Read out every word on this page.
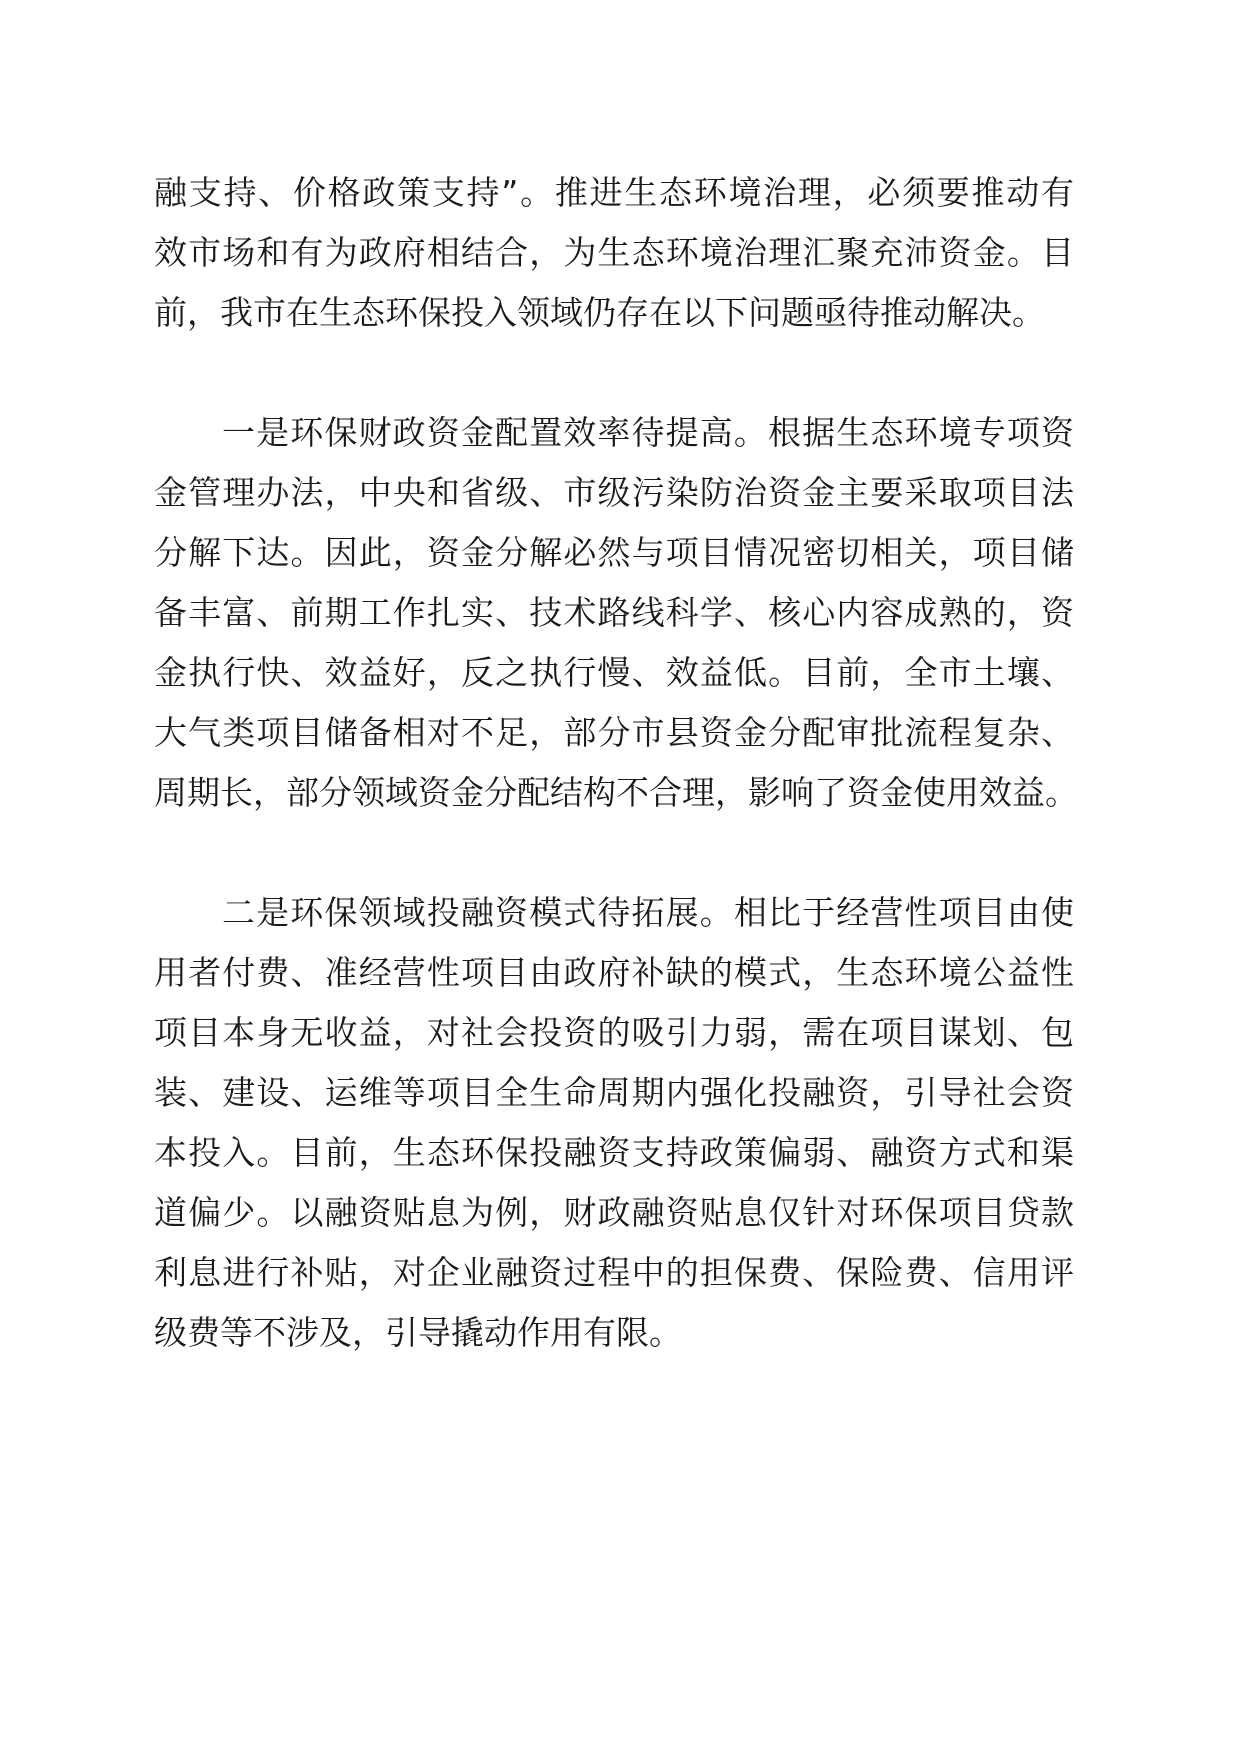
融支持、价格政策支持”。推进生态环境治理，必须要推动有
效市场和有为政府相结合，为生态环境治理汇聚充沛资金。目
前，我市在生态环保投入领域仍存在以下问题亟待推动解决。
一是环保财政资金配置效率待提高。根据生态环境专项资
金管理办法，中央和省级、市级污染防治资金主要采取项目法
分解下达。因此，资金分解必然与项目情况密切相关，项目储
备丰富、前期工作扎实、技术路线科学、核心内容成熟的，资
金执行快、效益好，反之执行慢、效益低。目前，全市土壤、
大气类项目储备相对不足，部分市县资金分配审批流程复杂、
周期长，部分领域资金分配结构不合理，影响了资金使用效益。
二是环保领域投融资模式待拓展。相比于经营性项目由使
用者付费、准经营性项目由政府补缺的模式，生态环境公益性
项目本身无收益，对社会投资的吸引力弱，需在项目谋划、包
装、建设、运维等项目全生命周期内强化投融资，引导社会资
本投入。目前，生态环保投融资支持政策偏弱、融资方式和渠
道偏少。以融资贴息为例，财政融资贴息仅针对环保项目贷款
利息进行补贴，对企业融资过程中的担保费、保险费、信用评
级费等不涉及，引导撬动作用有限。
